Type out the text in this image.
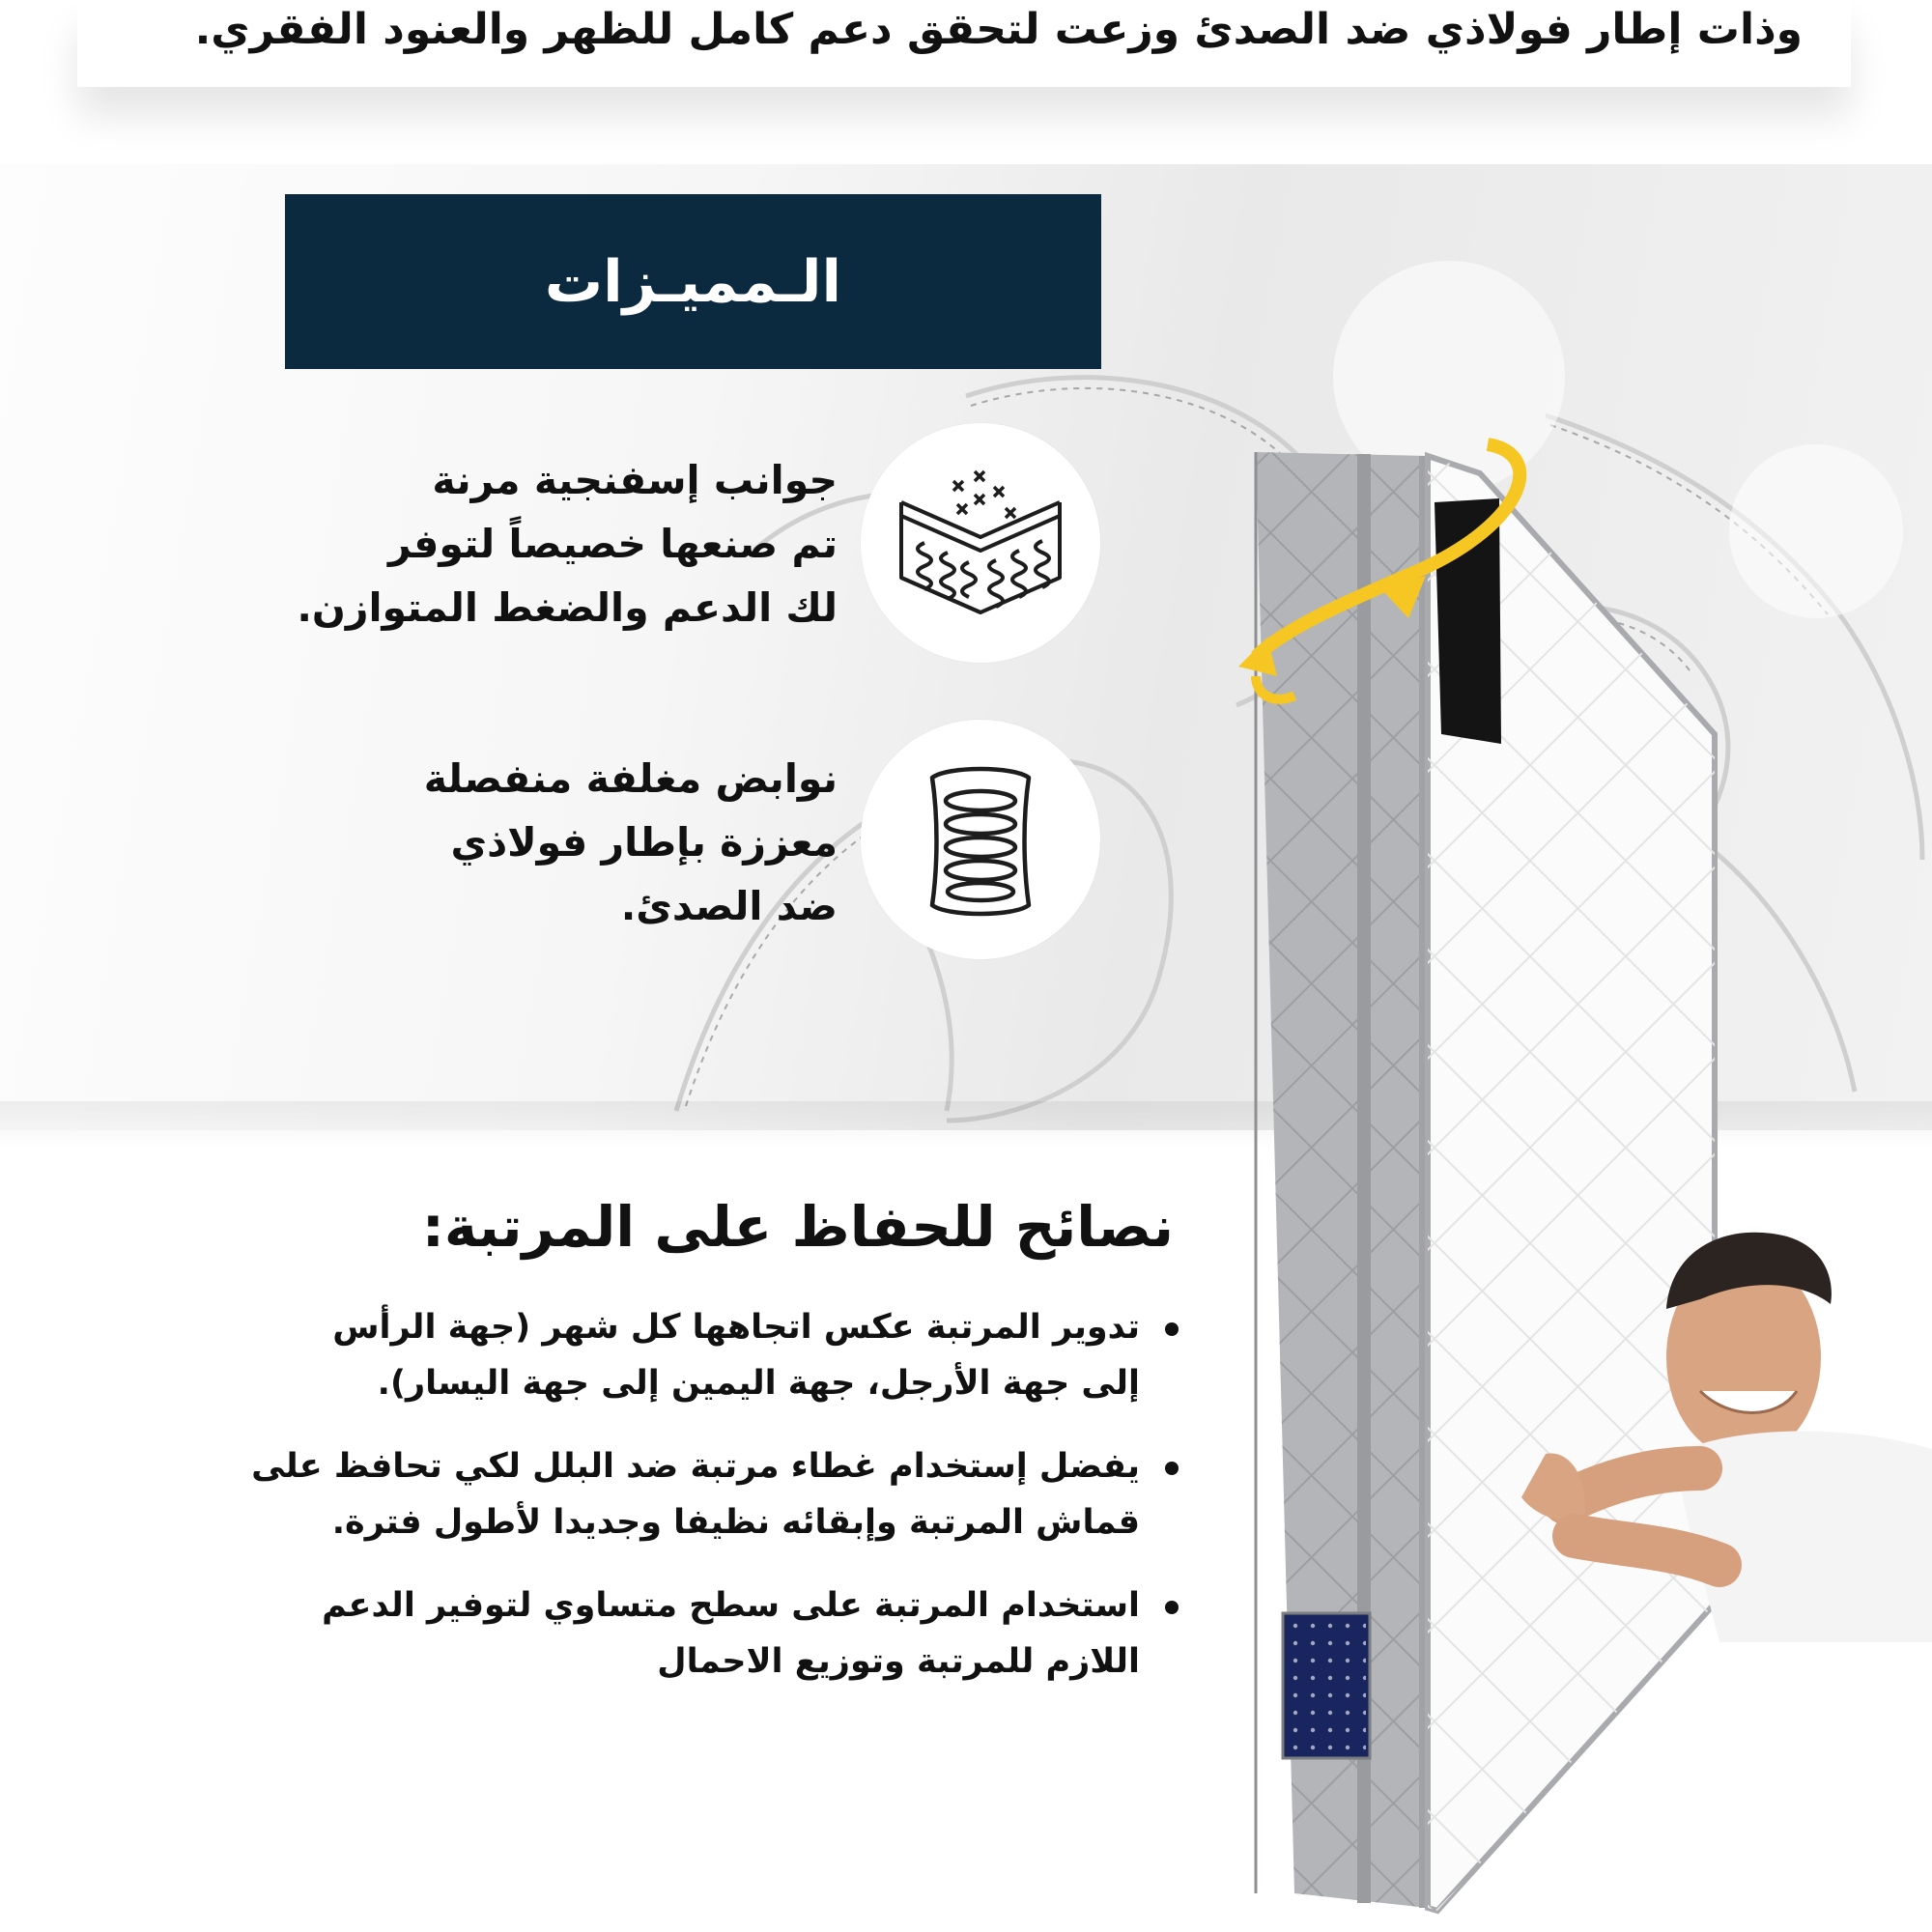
وذات إطار فولاذي ضد الصدئ وزعت لتحقق دعم كامل للظهر والعنود الفقري.
الـمميـزات
جوانب إسفنجية مرنة
تم صنعها خصيصاً لتوفر
لك الدعم والضغط المتوازن.
نوابض مغلفة منفصلة
معززة بإطار فولاذي
ضد الصدئ.
نصائح للحفاظ على المرتبة:
تدوير المرتبة عكس اتجاهها كل شهر (جهة الرأس
إلى جهة الأرجل، جهة اليمين إلى جهة اليسار).
يفضل إستخدام غطاء مرتبة ضد البلل لكي تحافظ على
قماش المرتبة وإبقائه نظيفا وجديدا لأطول فترة.
استخدام المرتبة على سطح متساوي لتوفير الدعم
اللازم للمرتبة وتوزيع الاحمال
